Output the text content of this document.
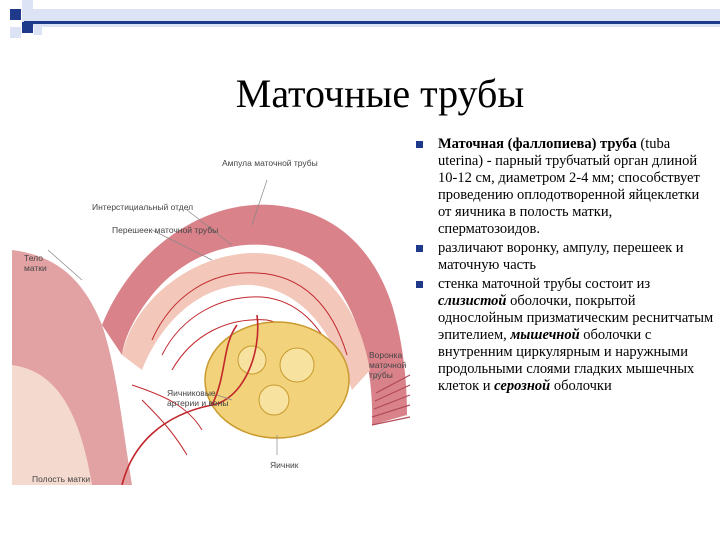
Маточные трубы
Ампула маточной трубы
Интерстициальный отдел
Перешеек маточной трубы
Тело
матки
Воронка
маточной
трубы
Яичниковые
артерии и вены
Яичник
Полость матки
Маточная (фаллопиева) труба (tuba uterina) - парный трубчатый орган длиной 10-12 см, диаметром 2-4 мм; способствует проведению оплодотворенной яйцеклетки от яичника в полость матки, сперматозоидов.
различают воронку, ампулу, перешеек и маточную часть
стенка маточной трубы состоит из слизистой оболочки, покрытой однослойным призматическим реснитчатым эпителием, мышечной оболочки с внутренним циркулярным и наружными продольными слоями гладких мышечных клеток и серозной оболочки
